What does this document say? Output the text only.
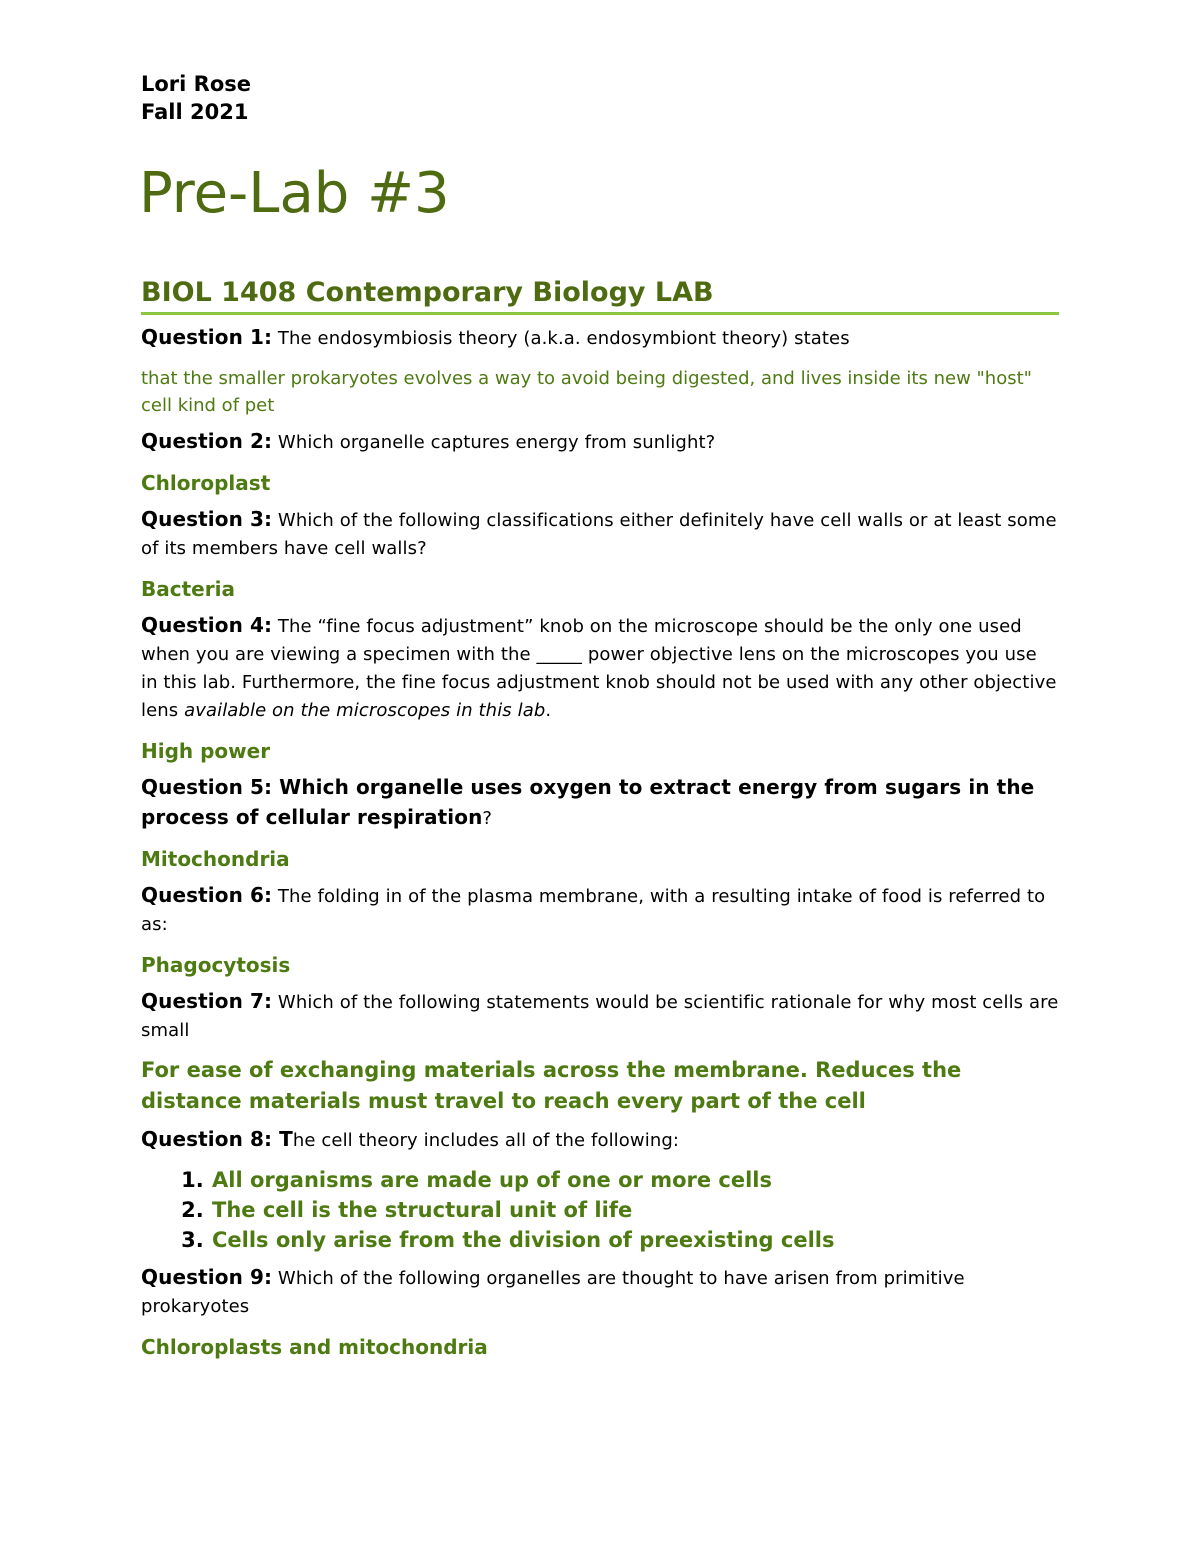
Lori Rose

Fall 2021

Pre-Lab #3
BIOL 1408 Contemporary Biology LAB

Question 1: The endosymbiosis theory (a.k.a. endosymbiont theory) states

that the smaller prokaryotes evolves a way to avoid being digested, and lives inside its new "host" cell kind of pet

Question 2: Which organelle captures energy from sunlight?

Chloroplast

Question 3: Which of the following classifications either definitely have cell walls or at least some of its members have cell walls?

Bacteria

Question 4: The “fine focus adjustment” knob on the microscope should be the only one used when you are viewing a specimen with the _____ power objective lens on the microscopes you use in this lab. Furthermore, the fine focus adjustment knob should not be used with any other objective lens available on the microscopes in this lab.

High power

Question 5: Which organelle uses oxygen to extract energy from sugars in the process of cellular respiration?

Mitochondria

Question 6: The folding in of the plasma membrane, with a resulting intake of food is referred to as:

Phagocytosis

Question 7: Which of the following statements would be scientific rationale for why most cells are small

For ease of exchanging materials across the membrane. Reduces the distance materials must travel to reach every part of the cell

Question 8: The cell theory includes all of the following:

1. All organisms are made up of one or more cells
2. The cell is the structural unit of life
3. Cells only arise from the division of preexisting cells

Question 9: Which of the following organelles are thought to have arisen from primitive prokaryotes

Chloroplasts and mitochondria
